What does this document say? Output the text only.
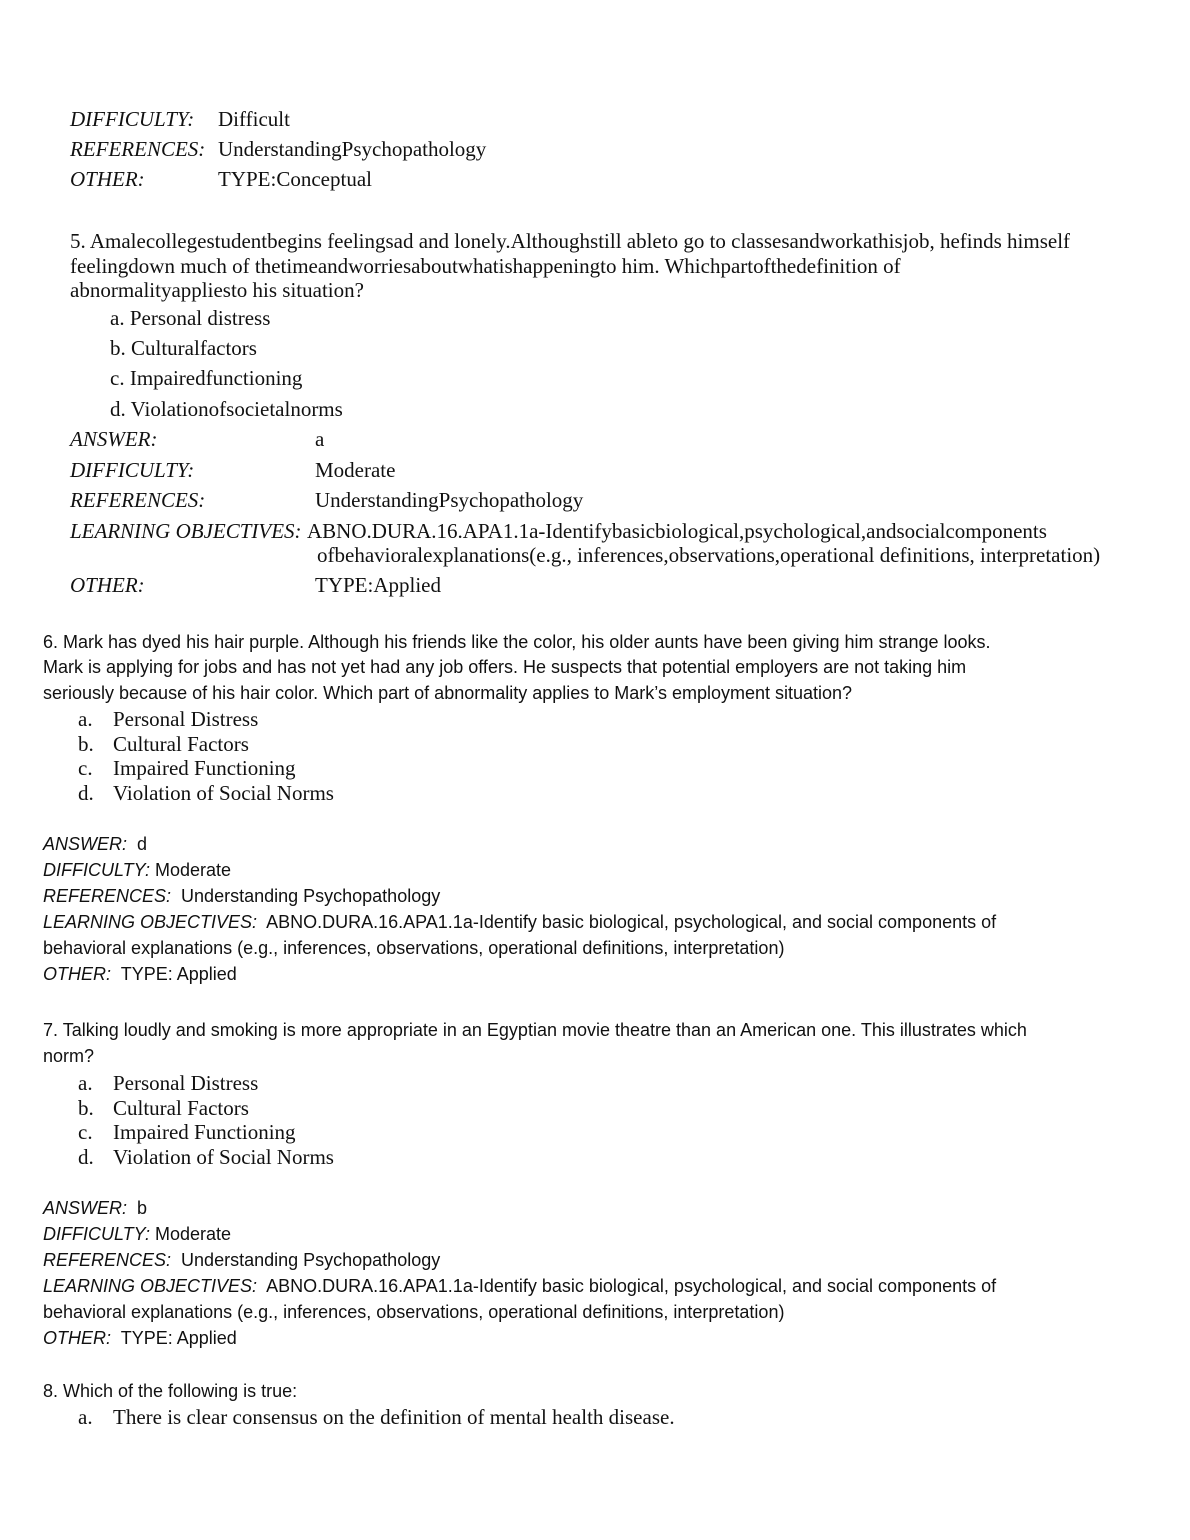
DIFFICULTY: Difficult
REFERENCES: UnderstandingPsychopathology
OTHER:	TYPE:Conceptual
5. Amalecollegestudentbegins feelingsad and lonely.Althoughstill ableto go to classesandworkathisjob, hefinds himself
feelingdown much of thetimeandworriesaboutwhatishappeningto him. Whichpartofthedefinition of
abnormalityappliesto his situation?
a. Personal distress
b. Culturalfactors
c. Impairedfunctioning
d. Violationofsocietalnorms
ANSWER:	a
DIFFICULTY:	Moderate
REFERENCES:	UnderstandingPsychopathology
LEARNING OBJECTIVES: ABNO.DURA.16.APA1.1a-Identifybasicbiological,psychological,andsocialcomponents
ofbehavioralexplanations(e.g., inferences,observations,operational definitions, interpretation)
OTHER:	TYPE:Applied
6. Mark has dyed his hair purple. Although his friends like the color, his older aunts have been giving him strange looks.
Mark is applying for jobs and has not yet had any job offers. He suspects that potential employers are not taking him
seriously because of his hair color. Which part of abnormality applies to Mark’s employment situation?
a. Personal Distress
b. Cultural Factors
c. Impaired Functioning
d. Violation of Social Norms
ANSWER: d
DIFFICULTY: Moderate
REFERENCES: Understanding Psychopathology
LEARNING OBJECTIVES: ABNO.DURA.16.APA1.1a-Identify basic biological, psychological, and social components of
behavioral explanations (e.g., inferences, observations, operational definitions, interpretation)
OTHER: TYPE: Applied
7. Talking loudly and smoking is more appropriate in an Egyptian movie theatre than an American one. This illustrates which
norm?
a. Personal Distress
b. Cultural Factors
c. Impaired Functioning
d. Violation of Social Norms
ANSWER: b
DIFFICULTY: Moderate
REFERENCES: Understanding Psychopathology
LEARNING OBJECTIVES: ABNO.DURA.16.APA1.1a-Identify basic biological, psychological, and social components of
behavioral explanations (e.g., inferences, observations, operational definitions, interpretation)
OTHER: TYPE: Applied
8. Which of the following is true:
a. There is clear consensus on the definition of mental health disease.
